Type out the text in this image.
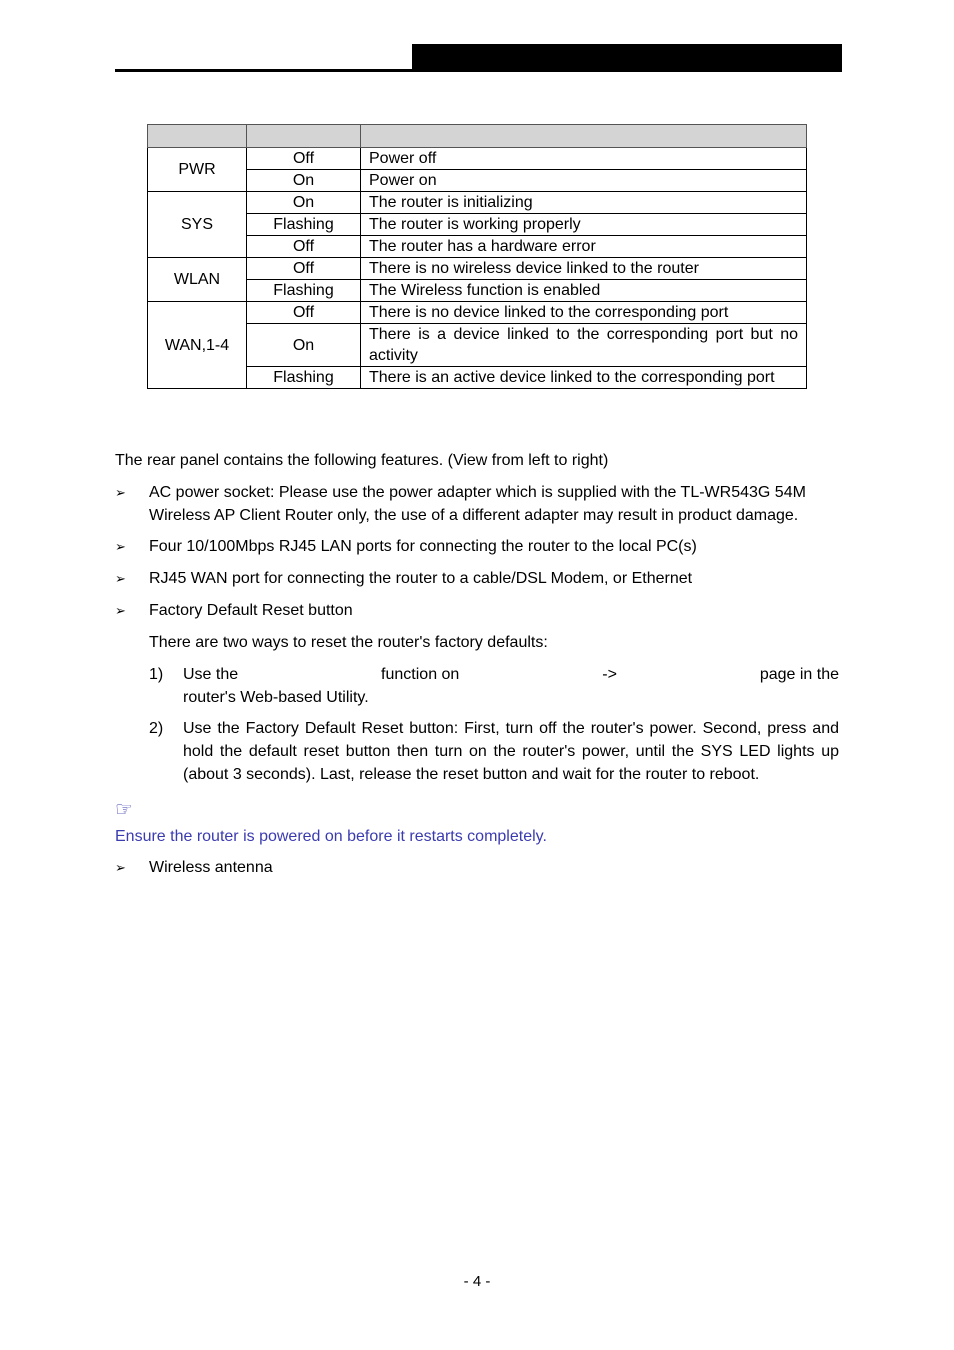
PWR	Off	Power off
	On	Power on
SYS	On	The router is initializing
	Flashing	The router is working properly
	Off	The router has a hardware error
WLAN	Off	There is no wireless device linked to the router
	Flashing	The Wireless function is enabled
WAN,1-4	Off	There is no device linked to the corresponding port
	On	There is a device linked to the corresponding port but no activity
	Flashing	There is an active device linked to the corresponding port

The rear panel contains the following features. (View from left to right)

➢ AC power socket: Please use the power adapter which is supplied with the TL-WR543G 54M Wireless AP Client Router only, the use of a different adapter may result in product damage.
➢ Four 10/100Mbps RJ45 LAN ports for connecting the router to the local PC(s)
➢ RJ45 WAN port for connecting the router to a cable/DSL Modem, or Ethernet
➢ Factory Default Reset button
There are two ways to reset the router's factory defaults:
1) Use the	function on	->	page in the
router's Web-based Utility.
2) Use the Factory Default Reset button: First, turn off the router's power. Second, press and hold the default reset button then turn on the router's power, until the SYS LED lights up (about 3 seconds). Last, release the reset button and wait for the router to reboot.
☞
Ensure the router is powered on before it restarts completely.
➢ Wireless antenna
- 4 -
